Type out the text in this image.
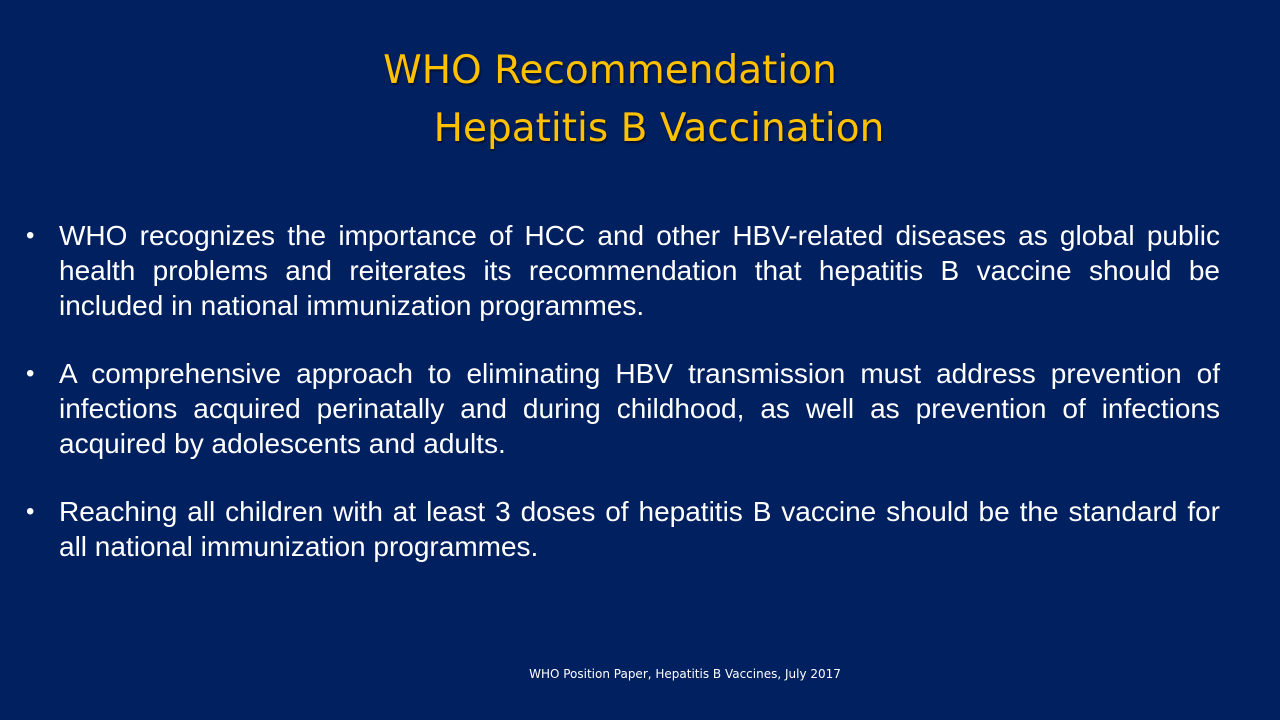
WHO Recommendation
Hepatitis B Vaccination
• WHO recognizes the importance of HCC and other HBV-related diseases as global public health problems and reiterates its recommendation that hepatitis B vaccine should be included in national immunization programmes.
• A comprehensive approach to eliminating HBV transmission must address prevention of infections acquired perinatally and during childhood, as well as prevention of infections acquired by adolescents and adults.
• Reaching all children with at least 3 doses of hepatitis B vaccine should be the standard for all national immunization programmes.
WHO Position Paper, Hepatitis B Vaccines, July 2017
